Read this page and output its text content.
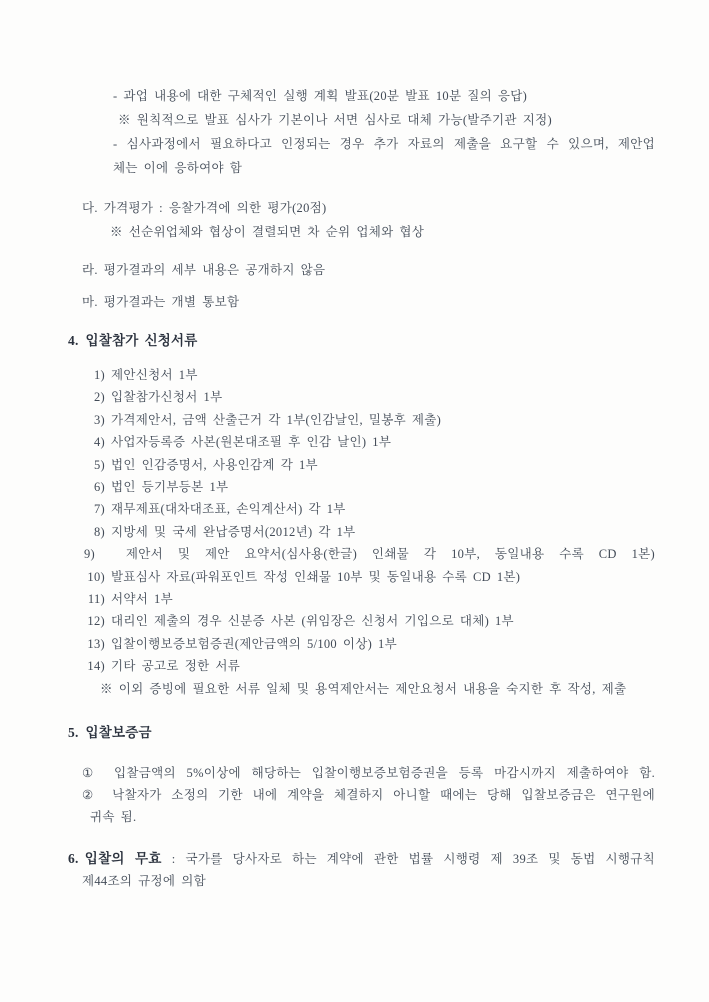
- 과업 내용에 대한 구체적인 실행 계획 발표(20분 발표 10분 질의 응답)
※ 원칙적으로 발표 심사가 기본이나 서면 심사로 대체 가능(발주기관 지정)
- 심사과정에서 필요하다고 인정되는 경우 추가 자료의 제출을 요구할 수 있으며, 제안업
체는 이에 응하여야 함
다. 가격평가 : 응찰가격에 의한 평가(20점)
※ 선순위업체와 협상이 결렬되면 차 순위 업체와 협상
라. 평가결과의 세부 내용은 공개하지 않음
마. 평가결과는 개별 통보함
4. 입찰참가 신청서류
1) 제안신청서 1부
2) 입찰참가신청서 1부
3) 가격제안서, 금액 산출근거 각 1부(인감날인, 밀봉후 제출)
4) 사업자등록증 사본(원본대조필 후 인감 날인) 1부
5) 법인 인감증명서, 사용인감계 각 1부
6) 법인 등기부등본 1부
7) 재무제표(대차대조표, 손익계산서) 각 1부
8) 지방세 및 국세 완납증명서(2012년) 각 1부
9) 제안서 및 제안 요약서(심사용(한글) 인쇄물 각 10부, 동일내용 수록 CD 1본)
10) 발표심사 자료(파워포인트 작성 인쇄물 10부 및 동일내용 수록 CD 1본)
11) 서약서 1부
12) 대리인 제출의 경우 신분증 사본 (위임장은 신청서 기입으로 대체) 1부
13) 입찰이행보증보험증권(제안금액의 5/100 이상) 1부
14) 기타 공고로 정한 서류
※ 이외 증빙에 필요한 서류 일체 및 용역제안서는 제안요청서 내용을 숙지한 후 작성, 제출
5. 입찰보증금
① 입찰금액의 5%이상에 해당하는 입찰이행보증보험증권을 등록 마감시까지 제출하여야 함.
② 낙찰자가 소정의 기한 내에 계약을 체결하지 아니할 때에는 당해 입찰보증금은 연구원에
귀속 됨.
6. 입찰의 무효 : 국가를 당사자로 하는 계약에 관한 법률 시행령 제 39조 및 동법 시행규칙
제44조의 규정에 의함
